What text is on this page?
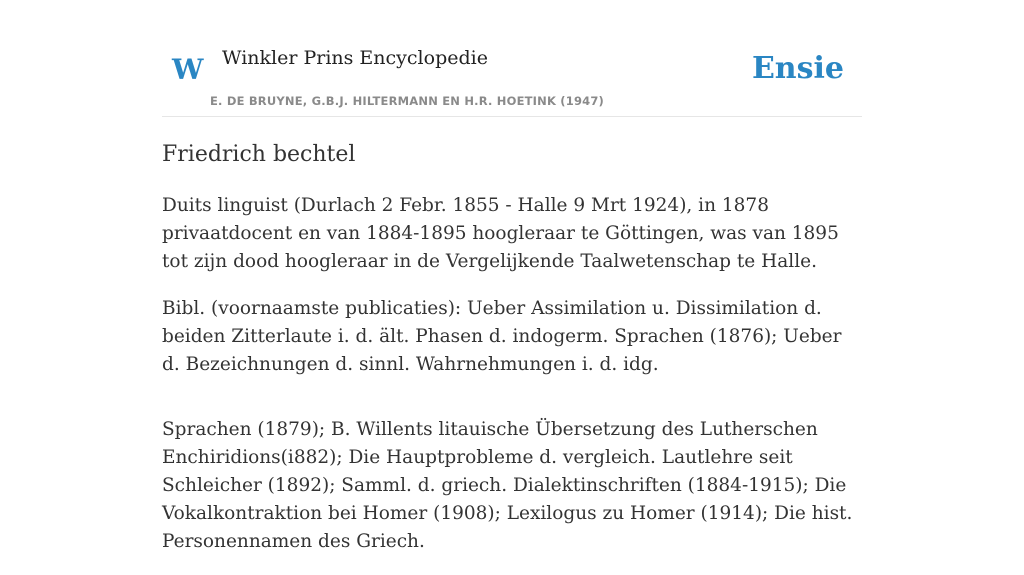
W Winkler Prins Encyclopedie
E. DE BRUYNE, G.B.J. HILTERMANN EN H.R. HOETINK (1947)
Ensie
Friedrich bechtel

Duits linguist (Durlach 2 Febr. 1855 - Halle 9 Mrt 1924), in 1878 privaatdocent en van 1884-1895 hoogleraar te Göttingen, was van 1895 tot zijn dood hoogleraar in de Vergelijkende Taalwetenschap te Halle.

Bibl. (voornaamste publicaties): Ueber Assimilation u. Dissimilation d. beiden Zitterlaute i. d. ält. Phasen d. indogerm. Sprachen (1876); Ueber d. Bezeichnungen d. sinnl. Wahrnehmungen i. d. idg.

Sprachen (1879); B. Willents litauische Übersetzung des Lutherschen Enchiridions(i882); Die Hauptprobleme d. vergleich. Lautlehre seit Schleicher (1892); Samml. d. griech. Dialektinschriften (1884-1915); Die Vokalkontraktion bei Homer (1908); Lexilogus zu Homer (1914); Die hist. Personennamen des Griech.
